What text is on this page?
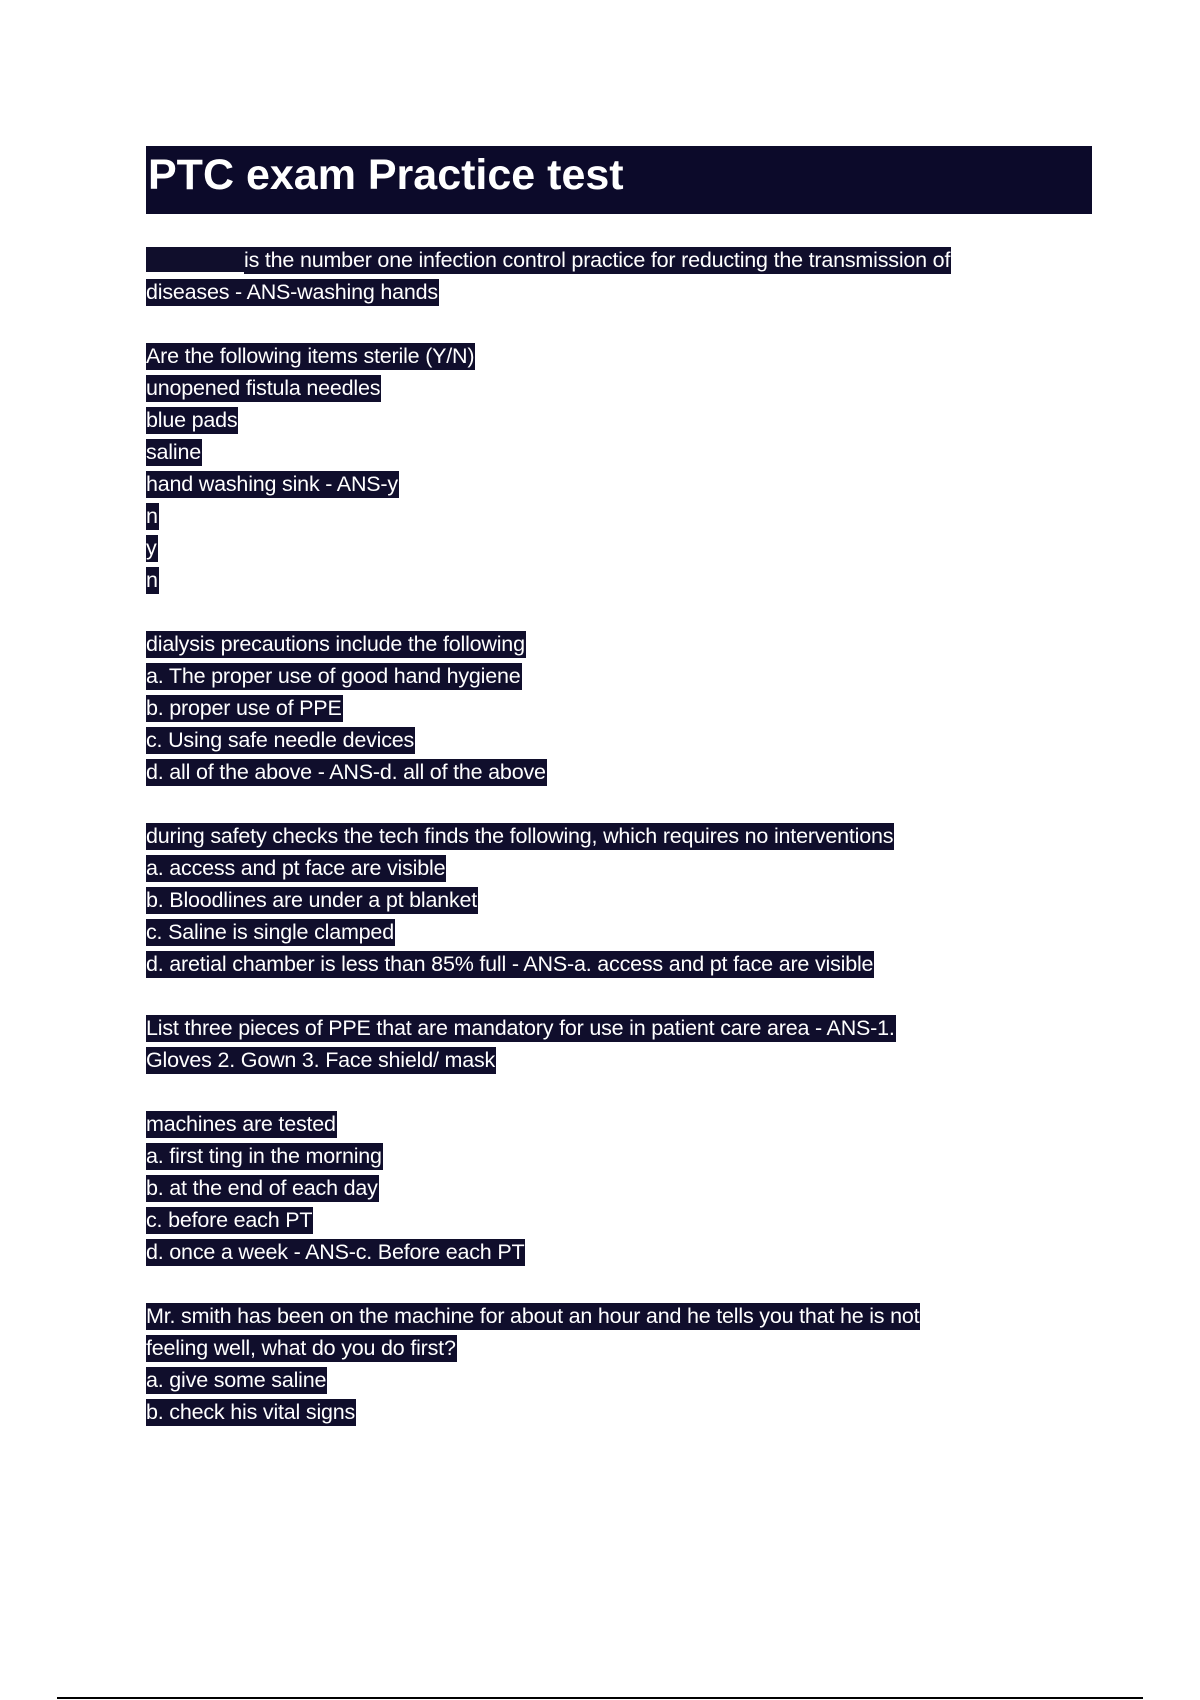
PTC exam Practice test
is the number one infection control practice for reducting the transmission of
diseases - ANS-washing hands
Are the following items sterile (Y/N)
unopened fistula needles
blue pads
saline
hand washing sink - ANS-y
n
y
n
dialysis precautions include the following
a. The proper use of good hand hygiene
b. proper use of PPE
c. Using safe needle devices
d. all of the above - ANS-d. all of the above
during safety checks the tech finds the following, which requires no interventions
a. access and pt face are visible
b. Bloodlines are under a pt blanket
c. Saline is single clamped
d. aretial chamber is less than 85% full - ANS-a. access and pt face are visible
List three pieces of PPE that are mandatory for use in patient care area - ANS-1.
Gloves 2. Gown 3. Face shield/ mask
machines are tested
a. first ting in the morning
b. at the end of each day
c. before each PT
d. once a week - ANS-c. Before each PT
Mr. smith has been on the machine for about an hour and he tells you that he is not
feeling well, what do you do first?
a. give some saline
b. check his vital signs
